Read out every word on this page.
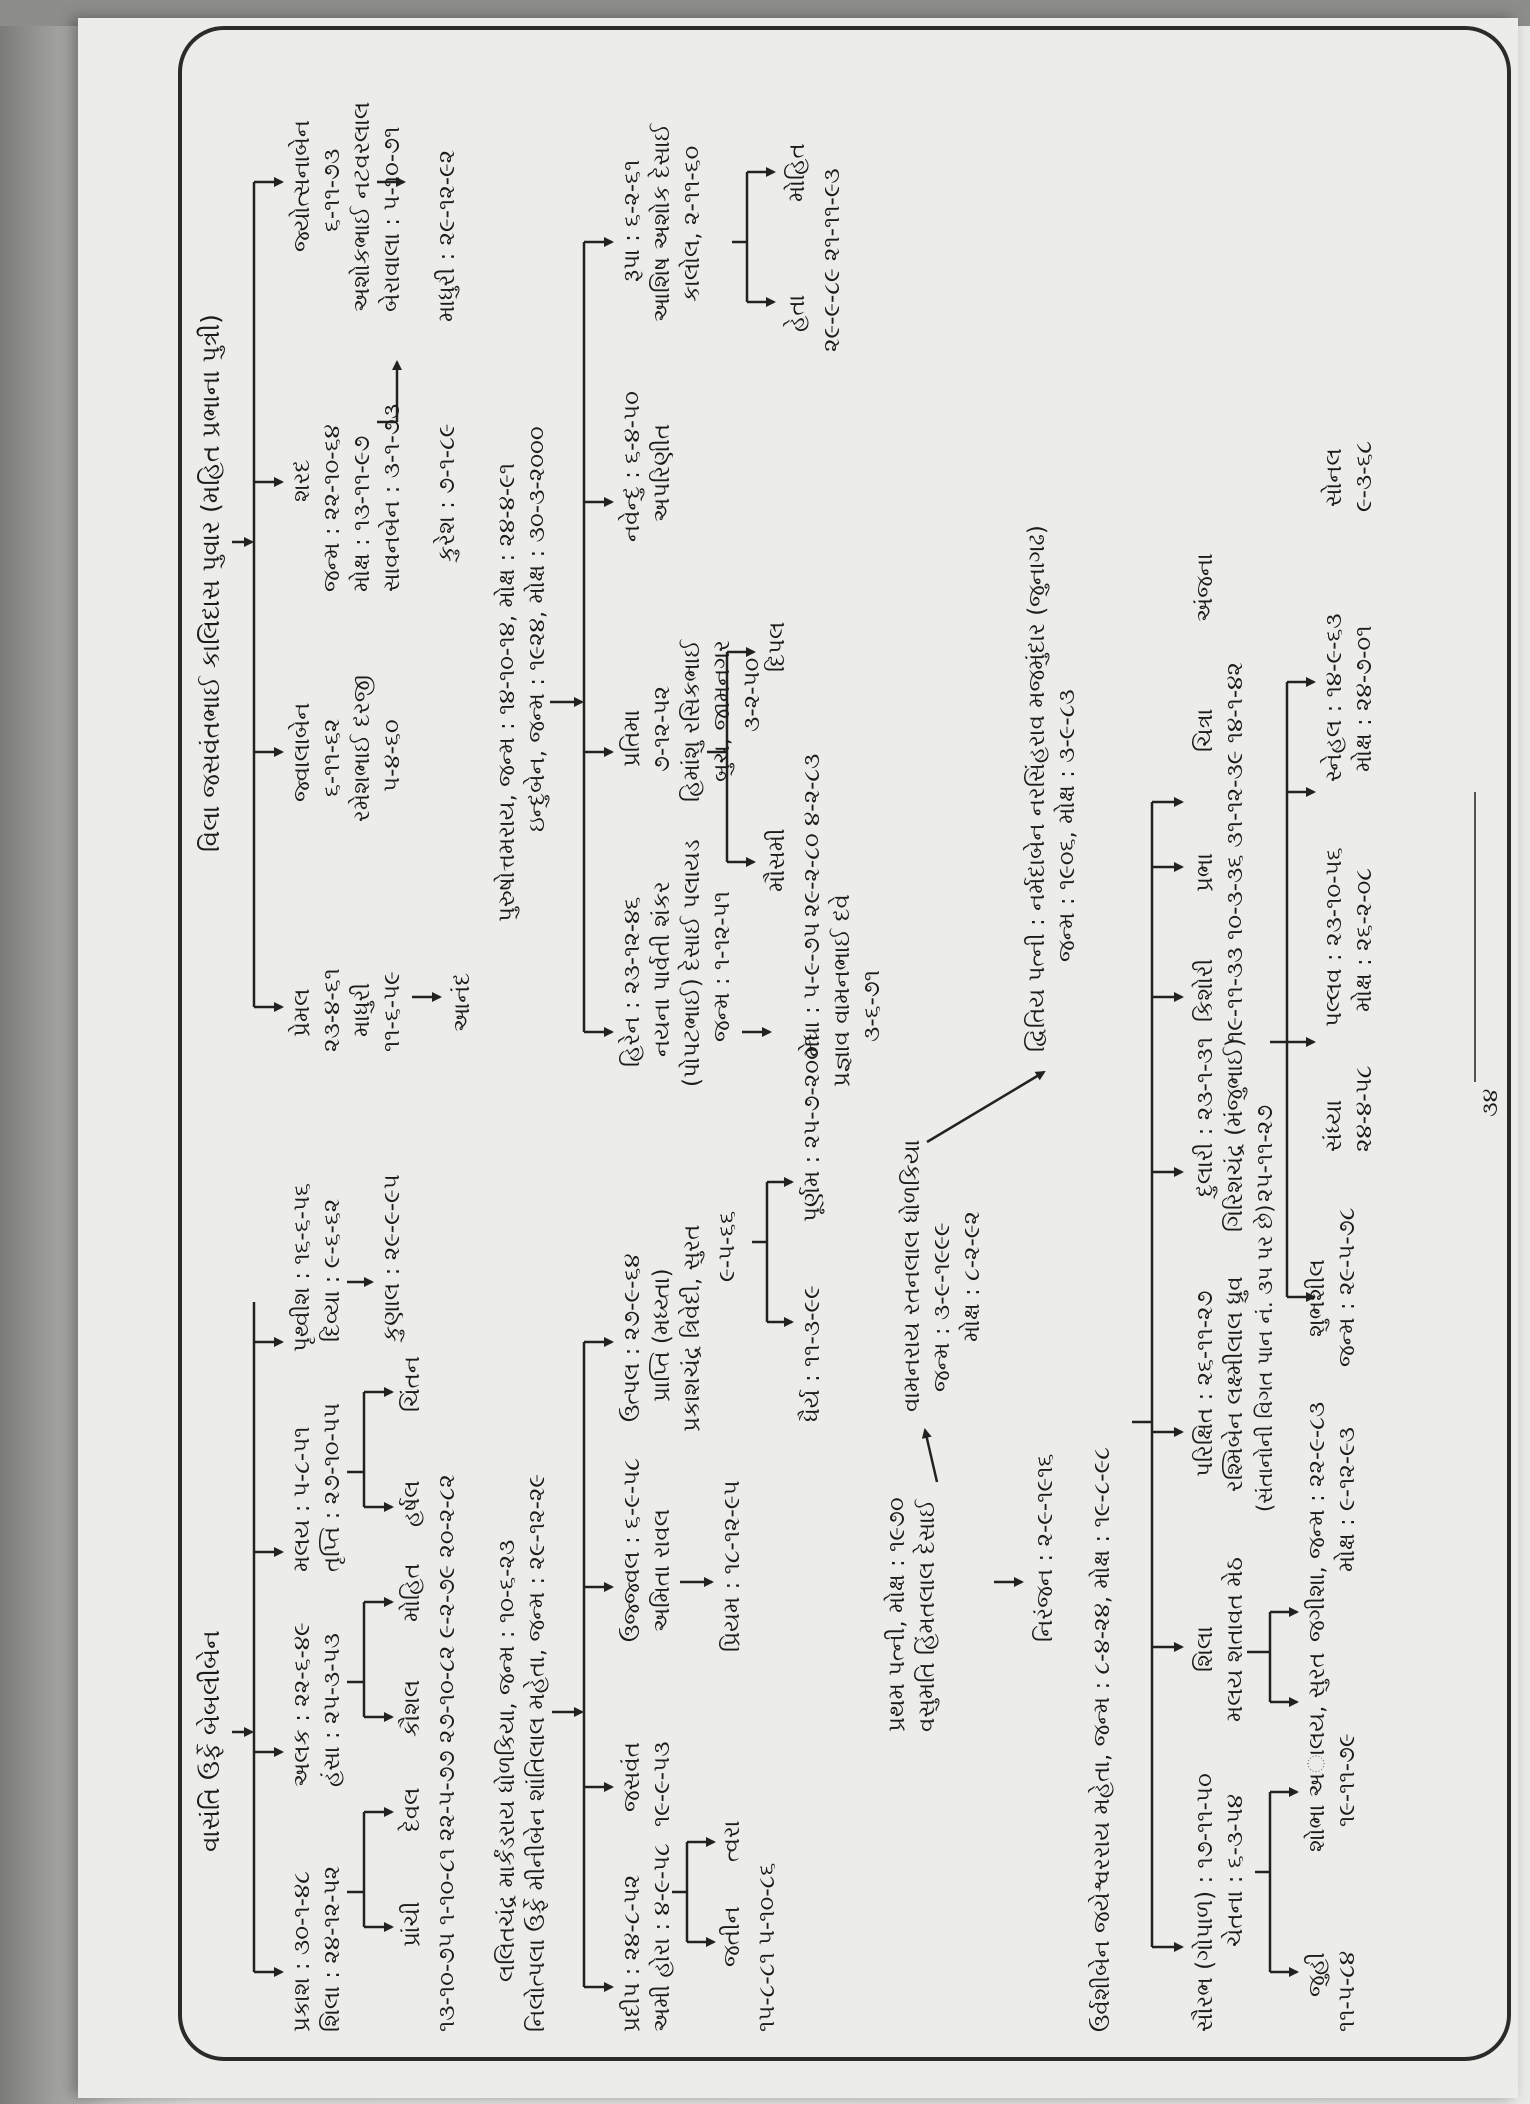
વાસંતિ ઉર્ફે બેબલીબેન
વિલા જસવંતભાઈ કાલિદાસ પુવાર (મહિત પ્રભાના પુત્રી)
પ્રકાશ : ૩૦-૧-૪૮ શિલા : ૨૪-૧૨-૫૨
અલક : ૨૨-૬-૪૯ હંસા : ૨૫-૩-૫૩
મલય : ૫-૮-૫૧ તૃપ્તિ : ૨૭-૧૦-૫૫
પૃથ્વીશ : ૧૬-૬-૫૬ દિવ્યા : ૯-૬-૬૨ કુણાલ : ૨૯-૯-૯૫
પ્રાંચી
દેવલ
કૌશલ
મોહિત
હર્ષલ
ચિંતન
૧૩-૧૦-૭૫ ૧-૧૦-૮૧ ૨૨-૫-૭૭ ૨૭-૧૦-૮૨ ૯-૨-૭૯ ૨૦-૨-૮૨ લલિતચંદ્ર માર્કંડરાય ધોળકિયા, જન્મ : ૧૦-૬-૨૩ નિલોત્પલા ઉર્ફે મીનીબેન શાંતિલાલ મહેતા, જન્મ : ૨૯-૧૨-૨૯	પ્રદીપ : ૨૪-૮-૫૨ અમી હોરા : ૪-૯-૫૮
જસવંત ૧૯-૯-૫૩
ઉજ્જ્વલ : ૬-૯-૫૮ અમિતા રાવલ
ઉત્પલ : ૨૭-૯-૬૪ પ્રાપ્તિ (મધ્ય્તા) પ્રકાશચંદ્ર ત્રિવેદી, સુરત
જતીન
ત્વરા
૧૫-૮-૮૧ ૫-૧૦-૮૬
પ્રિયમ : ૧૮-૧૨-૯૫
૯-૫-૬૬
ધૈર્ય : ૧૧-૩-૯૯
પૂર્ણમ : ૨૫-૭-૨૦૦૧
પ્રથમ પત્ની, મોક્ષ : ૧૯૭૦ વસુમતિ હિંમતલાલ દેસાઈ
વામનરાય રતનલાલ ધોળકિયા જન્મ : ૩-૯-૧૯૯૯ મોક્ષ : ૮-૨-૯૨
દ્વિતિય પત્ની : નર્મદાબેન નરસિંહરાવ મજમુંદાર (જુનાગઢ) જન્મ : ૧૯૦૬, મોક્ષ : ૩-૯-૮૩
નિરંજન : ૨-૯-૧૯૧૬ ઉર્વશીબેન જયેશ્વરરાય મહેતા, જન્મ : ૮-૪-૨૪, મોક્ષ : ૧૯-૮-૯૮	સૌરભ (ગોપાળ) : ૧૭-૧૧-૫૦ ચેતના : ૬-૩-૫૪
શિલા મલય શતાવત મેઠ
પરિક્ષિત : ૨૬-૧૧-૨૭ રશ્મિબેન લક્ષ્મીલાલ ધ્રુવ (સંતાનોની વિગત પાન નં. ૩૫ પર છે)
દુલારી : ૨૩-૧-૩૧ ગિરિશચંદ્ર (મંજુભાઈ) ૨૫-૧૧-૨૭
કિશોરી
પ્રભા
ચિત્રા
અંજના
૧૯-૧૧-૩૩ ૧૦-૩-૩૬ ૩૧-૧૨-૩૯ ૧૪-૧-૪૨
જુહી ૧૧-૫-૮૪
શોભા અાલય, સુરત ૧૯-૧૧-૭૯
જગીશા, જન્મ : ૨૨-૯-૮૩ મોક્ષ : ૯-૧૨-૯૩
શુભશીલ જન્મ : ૨૯-૫-૭૮
સંધ્યા ૨૪-૪-૫૮
પલ્લવ : ૨૩-૧૦-૫૬ મોક્ષ : ૨૬-૨-૦૮
સ્નેહલ : ૧૪-૯-૬૩ મોક્ષ : ૨૪-૭-૦૧
સોનલ ૯-૩-૬૮
પ્રેમલ ૨૩-૪-૬૧ માધુરી ૧૧-૬-૫૯ આનંદ
જ્વાલાબેન ૬-૧૧-૬૨ રમેશભાઈ દરજી ૫-૪-૬૦
શરદ જન્મ : ૨૨-૧૦-૬૪ મોક્ષ : ૧૩-૧૧-૯૭ સાવનબેન : ૩-૧-૭૩
જ્યોત્સનાબેન ૬-૧૧-૭૩ અશોકભાઈ નટવરલાલ બેરાવાલા : ૫-૧૦-૭૧
કુરેશ : ૭-૧-૮૯
માધુરી : ૨૯-૧૨-૯૨
પુરુષોત્તમરાય, જન્મ : ૧૪-૧૦-૧૪, મોક્ષ : ૨૪-૪-૯૧ ઇન્દુબેન, જન્મ : ૧૯૨૪, મોક્ષ : ૩૦-૩-૨૦૦૦
હિરેન : ૨૩-૧૨-૪૬ નયના પાર્વતી શંકર (પોપટભાઈ) દેસાઈ પલાયડ જન્મ : ૧-૧૨-૫૧
પ્રતિમા ૭-૧૨-૫૨ હિમાંશુ રસિકભાઈ બુચ, જામનગર ૩-૨-૫૦
નવેન્દુ : ૬-૪-૫૦ અપરિણીત
રૂપા : ૬-૨-૬૧ આશિષ અશોક દેસાઈ કાલોલ, ૨-૧૧-૬૦
મેધા : ૫-૯-૭૫ પ્રજ્ઞાવ વામનભાઈ દવે ૩-૬-૭૧
મૌસમી
દિપલ
૨૯-૨-૮૦ ૪-૨-૮૩
હેતા
મોહિત ૨૯-૯-૮૯ ૨૧-૧૧-૯૩
૩૪
